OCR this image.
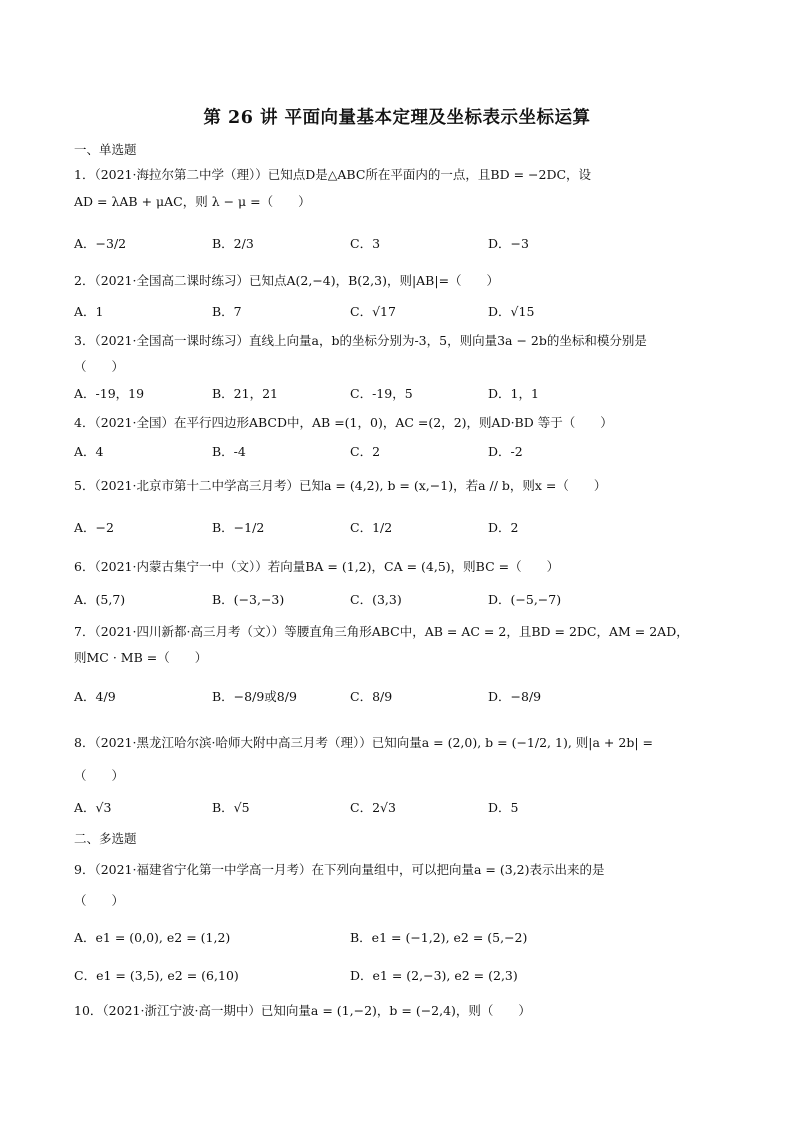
第 26 讲 平面向量基本定理及坐标表示坐标运算
一、单选题
1．（2021·海拉尔第二中学（理））已知点D是△ABC所在平面内的一点，且BD = −2DC，设
AD = λAB + μAC，则 λ − μ =（　　）
A．−3/2	B．2/3	C．3	D．−3
2．（2021·全国高二课时练习）已知点A(2,−4)，B(2,3)，则|AB|=（　　）
A．1	B．7	C．√17	D．√15
3．（2021·全国高一课时练习）直线上向量a，b的坐标分别为-3，5，则向量3a − 2b的坐标和模分别是
（　　）
A．-19，19	B．21，21	C．-19，5	D．1，1
4．（2021·全国）在平行四边形ABCD中，AB =(1，0)，AC =(2，2)，则AD·BD 等于（　　）
A．4	B．-4	C．2	D．-2
5．（2021·北京市第十二中学高三月考）已知a = (4,2), b = (x,−1)，若a // b，则x =（　　）
A．−2	B．−1/2	C．1/2	D．2
6．（2021·内蒙古集宁一中（文））若向量BA = (1,2)，CA = (4,5)，则BC =（　　）
A．(5,7)	B．(−3,−3)	C．(3,3)	D．(−5,−7)
7．（2021·四川新都·高三月考（文））等腰直角三角形ABC中，AB = AC = 2，且BD = 2DC，AM = 2AD，
则MC · MB =（　　）
A．4/9	B．−8/9或8/9	C．8/9	D．−8/9
8．（2021·黑龙江哈尔滨·哈师大附中高三月考（理））已知向量a = (2,0), b = (−1/2, 1), 则|a + 2b| =
（　　）
A．√3	B．√5	C．2√3	D．5
二、多选题
9．（2021·福建省宁化第一中学高一月考）在下列向量组中，可以把向量a = (3,2)表示出来的是
（　　）
A．e1 = (0,0), e2 = (1,2)	B．e1 = (−1,2), e2 = (5,−2)
C．e1 = (3,5), e2 = (6,10)	D．e1 = (2,−3), e2 = (2,3)
10．（2021·浙江宁波·高一期中）已知向量a = (1,−2)，b = (−2,4)，则（　　）
